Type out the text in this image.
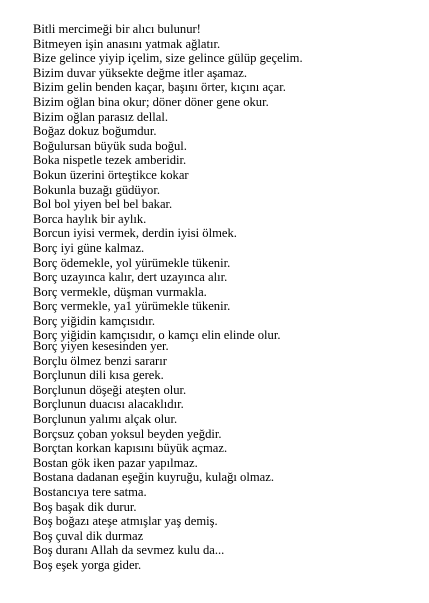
Bitli mercimeği bir alıcı bulunur!
Bitmeyen işin anasını yatmak ağlatır.
Bize gelince yiyip içelim, size gelince gülüp geçelim.
Bizim duvar yüksekte değme itler aşamaz.
Bizim gelin benden kaçar, başını örter, kıçını açar.
Bizim oğlan bina okur; döner döner gene okur.
Bizim oğlan parasız dellal.
Boğaz dokuz boğumdur.
Boğulursan büyük suda boğul.
Boka nispetle tezek amberidir.
Bokun üzerini örteştikce kokar
Bokunla buzağı güdüyor.
Bol bol yiyen bel bel bakar.
Borca haylık bir aylık.
Borcun iyisi vermek, derdin iyisi ölmek.
Borç iyi güne kalmaz.
Borç ödemekle, yol yürümekle tükenir.
Borç uzayınca kalır, dert uzayınca alır.
Borç vermekle, düşman vurmakla.
Borç vermekle, ya1 yürümekle tükenir.
Borç yiğidin kamçısıdır.
Borç yiğidin kamçısıdır, o kamçı elin elinde olur.
Borç yiyen kesesinden yer.
Borçlu ölmez benzi sararır
Borçlunun dili kısa gerek.
Borçlunun döşeği ateşten olur.
Borçlunun duacısı alacaklıdır.
Borçlunun yalımı alçak olur.
Borçsuz çoban yoksul beyden yeğdir.
Borçtan korkan kapısını büyük açmaz.
Bostan gök iken pazar yapılmaz.
Bostana dadanan eşeğin kuyruğu, kulağı olmaz.
Bostancıya tere satma.
Boş başak dik durur.
Boş boğazı ateşe atmışlar yaş demiş.
Boş çuval dik durmaz
Boş duranı Allah da sevmez kulu da...
Boş eşek yorga gider.
